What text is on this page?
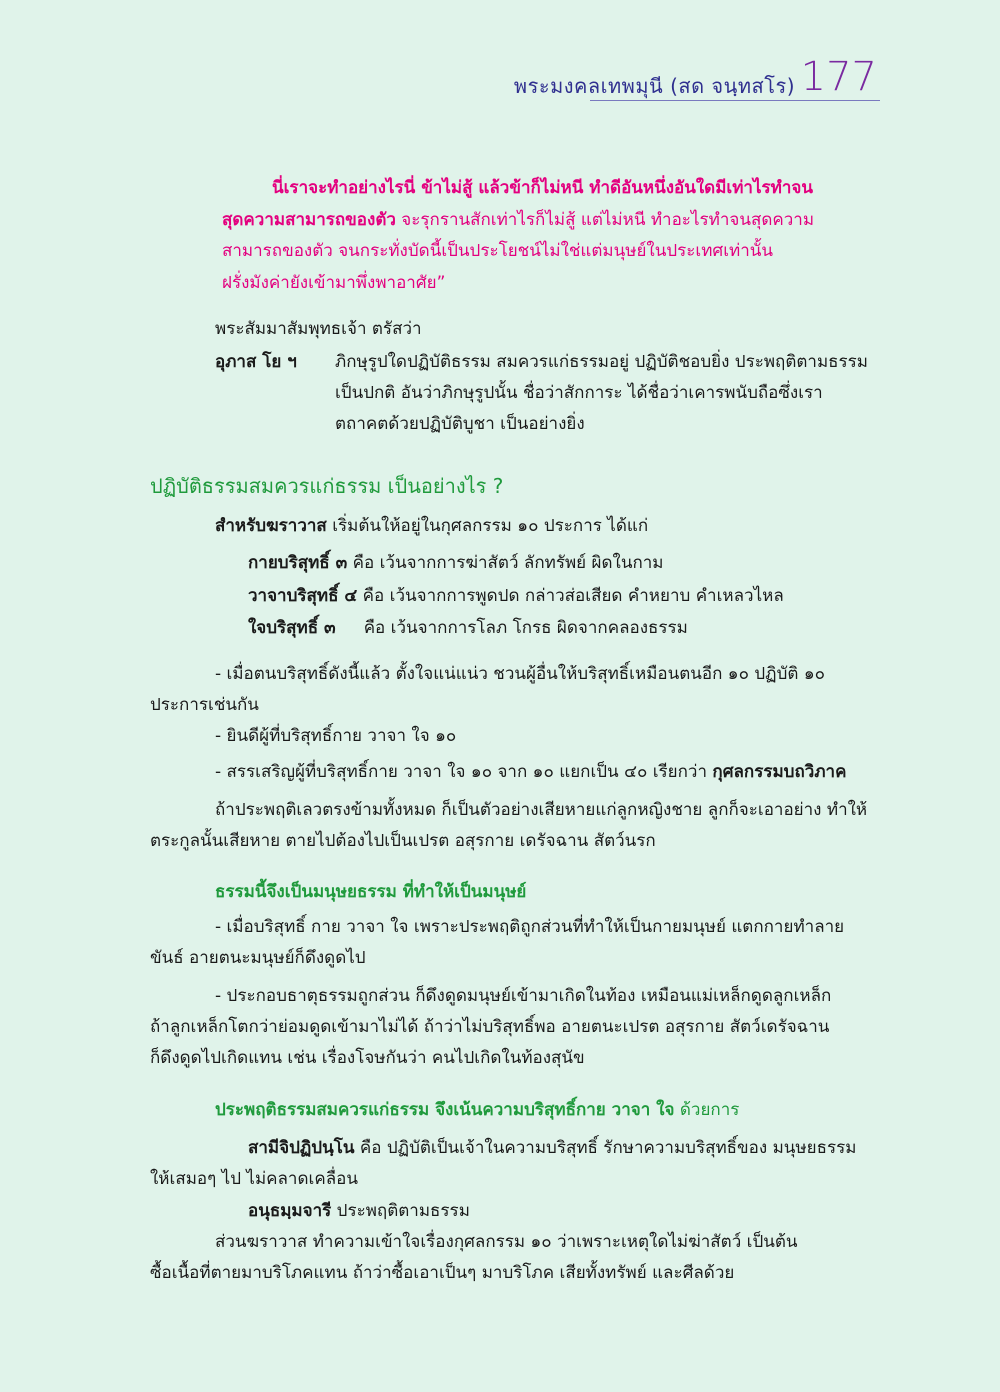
พระมงคลเทพมุนี (สด จนฺทสโร) 177
นี่เราจะทำอย่างไรนี่ ข้าไม่สู้ แล้วข้าก็ไม่หนี ทำดีอันหนึ่งอันใดมีเท่าไรทำจน
สุดความสามารถของตัว จะรุกรานสักเท่าไรก็ไม่สู้ แต่ไม่หนี ทำอะไรทำจนสุดความ
สามารถของตัว จนกระทั่งบัดนี้เป็นประโยชน์ไม่ใช่แต่มนุษย์ในประเทศเท่านั้น
ฝรั่งมังค่ายังเข้ามาพึ่งพาอาศัย”
พระสัมมาสัมพุทธเจ้า ตรัสว่า
อุภาส โย ฯ ภิกษุรูปใดปฏิบัติธรรม สมควรแก่ธรรมอยู่ ปฏิบัติชอบยิ่ง ประพฤติตามธรรม
เป็นปกติ อันว่าภิกษุรูปนั้น ชื่อว่าสักการะ ได้ชื่อว่าเคารพนับถือซึ่งเรา
ตถาคตด้วยปฏิบัติบูชา เป็นอย่างยิ่ง
ปฏิบัติธรรมสมควรแก่ธรรม เป็นอย่างไร ?
สำหรับฆราวาส เริ่มต้นให้อยู่ในกุศลกรรม ๑๐ ประการ ได้แก่
กายบริสุทธิ์ ๓ คือ เว้นจากการฆ่าสัตว์ ลักทรัพย์ ผิดในกาม
วาจาบริสุทธิ์ ๔ คือ เว้นจากการพูดปด กล่าวส่อเสียด คำหยาบ คำเหลวไหล
ใจบริสุทธิ์ ๓ คือ เว้นจากการโลภ โกรธ ผิดจากคลองธรรม
- เมื่อตนบริสุทธิ์ดังนี้แล้ว ตั้งใจแน่แน่ว ชวนผู้อื่นให้บริสุทธิ์เหมือนตนอีก ๑๐ ปฏิบัติ ๑๐
ประการเช่นกัน
- ยินดีผู้ที่บริสุทธิ์กาย วาจา ใจ ๑๐
- สรรเสริญผู้ที่บริสุทธิ์กาย วาจา ใจ ๑๐ จาก ๑๐ แยกเป็น ๔๐ เรียกว่า กุศลกรรมบถวิภาค
ถ้าประพฤติเลวตรงข้ามทั้งหมด ก็เป็นตัวอย่างเสียหายแก่ลูกหญิงชาย ลูกก็จะเอาอย่าง ทำให้
ตระกูลนั้นเสียหาย ตายไปต้องไปเป็นเปรต อสุรกาย เดรัจฉาน สัตว์นรก
ธรรมนี้จึงเป็นมนุษยธรรม ที่ทำให้เป็นมนุษย์
- เมื่อบริสุทธิ์ กาย วาจา ใจ เพราะประพฤติถูกส่วนที่ทำให้เป็นกายมนุษย์ แตกกายทำลาย
ขันธ์ อายตนะมนุษย์ก็ดึงดูดไป
- ประกอบธาตุธรรมถูกส่วน ก็ดึงดูดมนุษย์เข้ามาเกิดในท้อง เหมือนแม่เหล็กดูดลูกเหล็ก
ถ้าลูกเหล็กโตกว่าย่อมดูดเข้ามาไม่ได้ ถ้าว่าไม่บริสุทธิ์พอ อายตนะเปรต อสุรกาย สัตว์เดรัจฉาน
ก็ดึงดูดไปเกิดแทน เช่น เรื่องโจษกันว่า คนไปเกิดในท้องสุนัข
ประพฤติธรรมสมควรแก่ธรรม จึงเน้นความบริสุทธิ์กาย วาจา ใจ ด้วยการ
สามีจิปฏิปนฺโน คือ ปฏิบัติเป็นเจ้าในความบริสุทธิ์ รักษาความบริสุทธิ์ของ มนุษยธรรม
ให้เสมอๆ ไป ไม่คลาดเคลื่อน
อนุธมฺมจารี ประพฤติตามธรรม
ส่วนฆราวาส ทำความเข้าใจเรื่องกุศลกรรม ๑๐ ว่าเพราะเหตุใดไม่ฆ่าสัตว์ เป็นต้น
ซื้อเนื้อที่ตายมาบริโภคแทน ถ้าว่าซื้อเอาเป็นๆ มาบริโภค เสียทั้งทรัพย์ และศีลด้วย
